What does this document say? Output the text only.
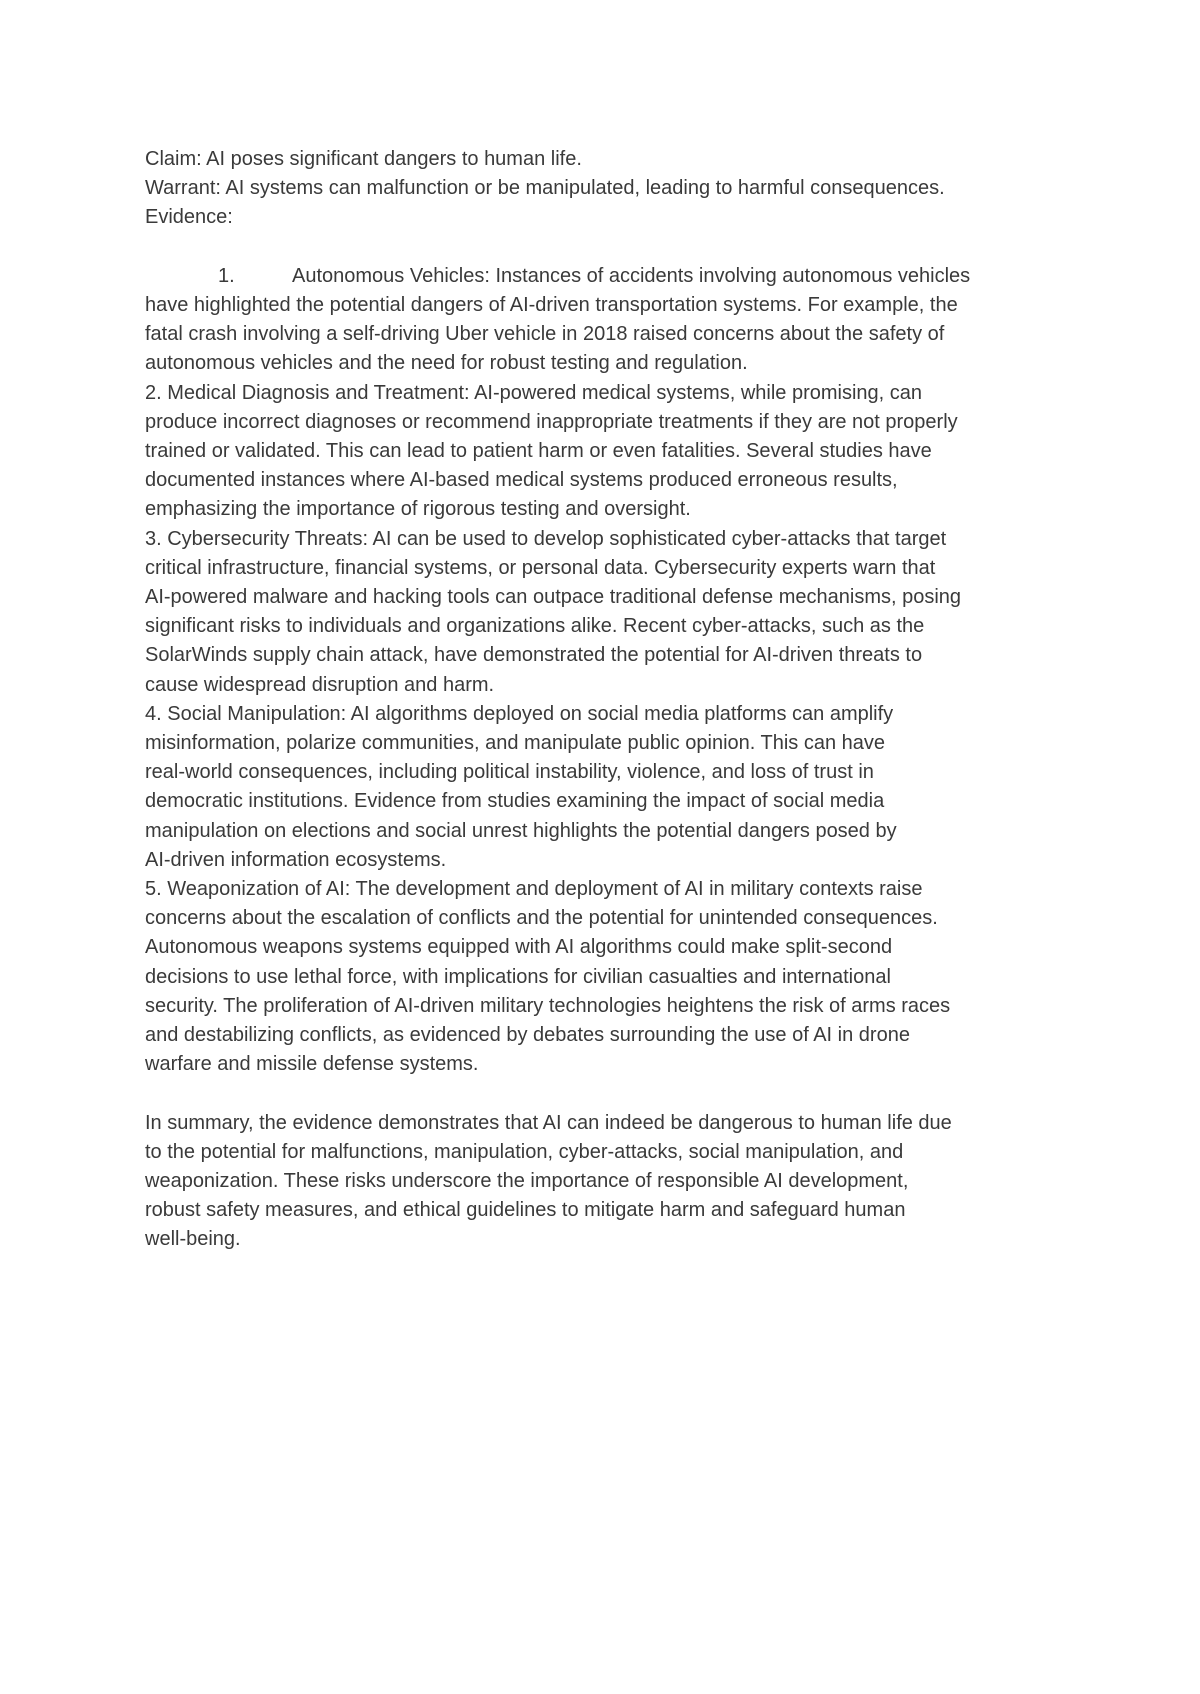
Claim: AI poses significant dangers to human life.

Warrant: AI systems can malfunction or be manipulated, leading to harmful consequences.

Evidence:

1.	Autonomous Vehicles: Instances of accidents involving autonomous vehicles

have highlighted the potential dangers of AI-driven transportation systems. For example, the

fatal crash involving a self-driving Uber vehicle in 2018 raised concerns about the safety of

autonomous vehicles and the need for robust testing and regulation.

2. Medical Diagnosis and Treatment: AI-powered medical systems, while promising, can

produce incorrect diagnoses or recommend inappropriate treatments if they are not properly

trained or validated. This can lead to patient harm or even fatalities. Several studies have

documented instances where AI-based medical systems produced erroneous results,

emphasizing the importance of rigorous testing and oversight.

3. Cybersecurity Threats: AI can be used to develop sophisticated cyber-attacks that target

critical infrastructure, financial systems, or personal data. Cybersecurity experts warn that

AI-powered malware and hacking tools can outpace traditional defense mechanisms, posing

significant risks to individuals and organizations alike. Recent cyber-attacks, such as the

SolarWinds supply chain attack, have demonstrated the potential for AI-driven threats to

cause widespread disruption and harm.

4. Social Manipulation: AI algorithms deployed on social media platforms can amplify

misinformation, polarize communities, and manipulate public opinion. This can have

real-world consequences, including political instability, violence, and loss of trust in

democratic institutions. Evidence from studies examining the impact of social media

manipulation on elections and social unrest highlights the potential dangers posed by

AI-driven information ecosystems.

5. Weaponization of AI: The development and deployment of AI in military contexts raise

concerns about the escalation of conflicts and the potential for unintended consequences.

Autonomous weapons systems equipped with AI algorithms could make split-second

decisions to use lethal force, with implications for civilian casualties and international

security. The proliferation of AI-driven military technologies heightens the risk of arms races

and destabilizing conflicts, as evidenced by debates surrounding the use of AI in drone

warfare and missile defense systems.

In summary, the evidence demonstrates that AI can indeed be dangerous to human life due

to the potential for malfunctions, manipulation, cyber-attacks, social manipulation, and

weaponization. These risks underscore the importance of responsible AI development,

robust safety measures, and ethical guidelines to mitigate harm and safeguard human

well-being.
